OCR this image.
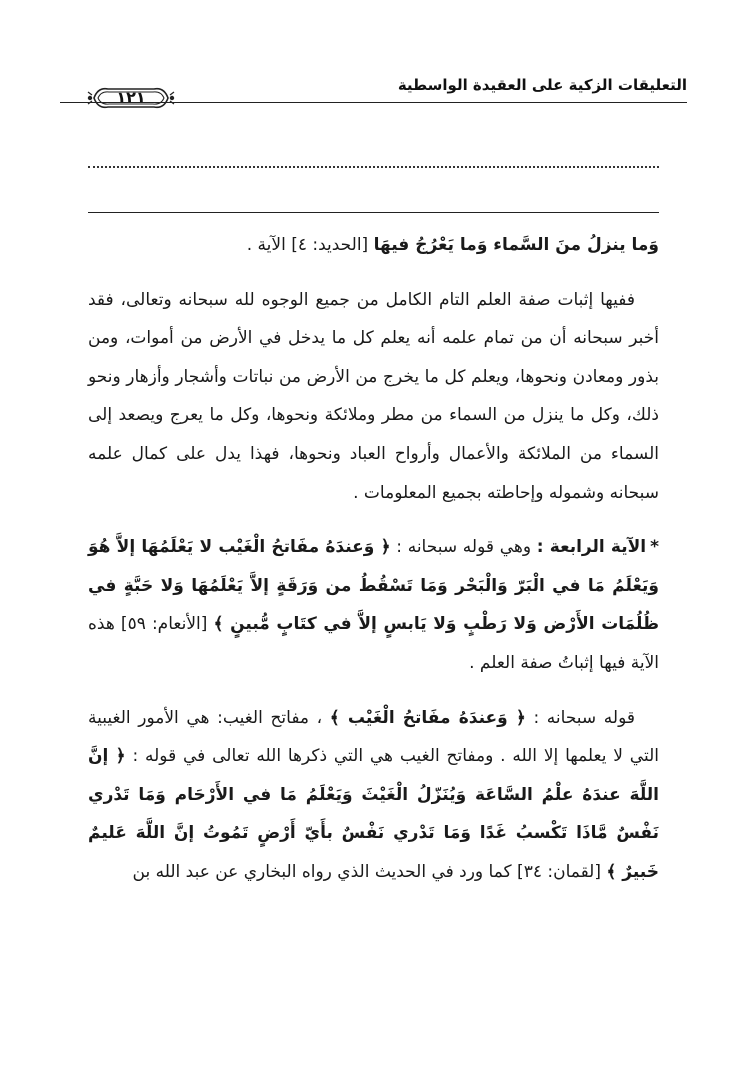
التعليقات الزكية على العقيدة الواسطية
١٢١

وَما ينزلُ منَ السَّماء وَما يَعْرُجُ فيهَا [الحديد: ٤] الآية .

ففيها إثبات صفة العلم التام الكامل من جميع الوجوه لله سبحانه وتعالى، فقد أخبر سبحانه أن من تمام علمه أنه يعلم كل ما يدخل في الأرض من أموات، ومن بذور ومعادن ونحوها، ويعلم كل ما يخرج من الأرض من نباتات وأشجار وأزهار ونحو ذلك، وكل ما ينزل من السماء من مطر وملائكة ونحوها، وكل ما يعرج ويصعد إلى السماء من الملائكة والأعمال وأرواح العباد ونحوها، فهذا يدل على كمال علمه سبحانه وشموله وإحاطته بجميع المعلومات .

*الآية الرابعة : وهي قوله سبحانه : ﴿ وَعندَهُ مفَاتحُ الْغَيْب لا يَعْلَمُهَا إلاَّ هُوَ وَيَعْلَمُ مَا في الْبَرّ وَالْبَحْر وَمَا تَسْقُطُ من وَرَقَةٍ إلاَّ يَعْلَمُهَا وَلا حَبَّةٍ في ظُلُمَات الأَرْض وَلا رَطْبٍ وَلا يَابسٍ إلاَّ في كتَابٍ مُّبينٍ ﴾ [الأنعام: ٥٩] هذه الآية فيها إثباتُ صفة العلم .

قوله سبحانه : ﴿ وَعندَهُ مفَاتحُ الْغَيْب ﴾ ، مفاتح الغيب: هي الأمور الغيبية التي لا يعلمها إلا الله . ومفاتح الغيب هي التي ذكرها الله تعالى في قوله : ﴿ إنَّ اللَّهَ عندَهُ علْمُ السَّاعَة وَيُنَزّلُ الْغَيْثَ وَيَعْلَمُ مَا في الأَرْحَام وَمَا تَدْري نَفْسٌ مَّاذَا تَكْسبُ غَدًا وَمَا تَدْري نَفْسٌ بأَيّ أَرْضٍ تَمُوتُ إنَّ اللَّهَ عَليمٌ خَبيرٌ ﴾ [لقمان: ٣٤] كما ورد في الحديث الذي رواه البخاري عن عبد الله بن
